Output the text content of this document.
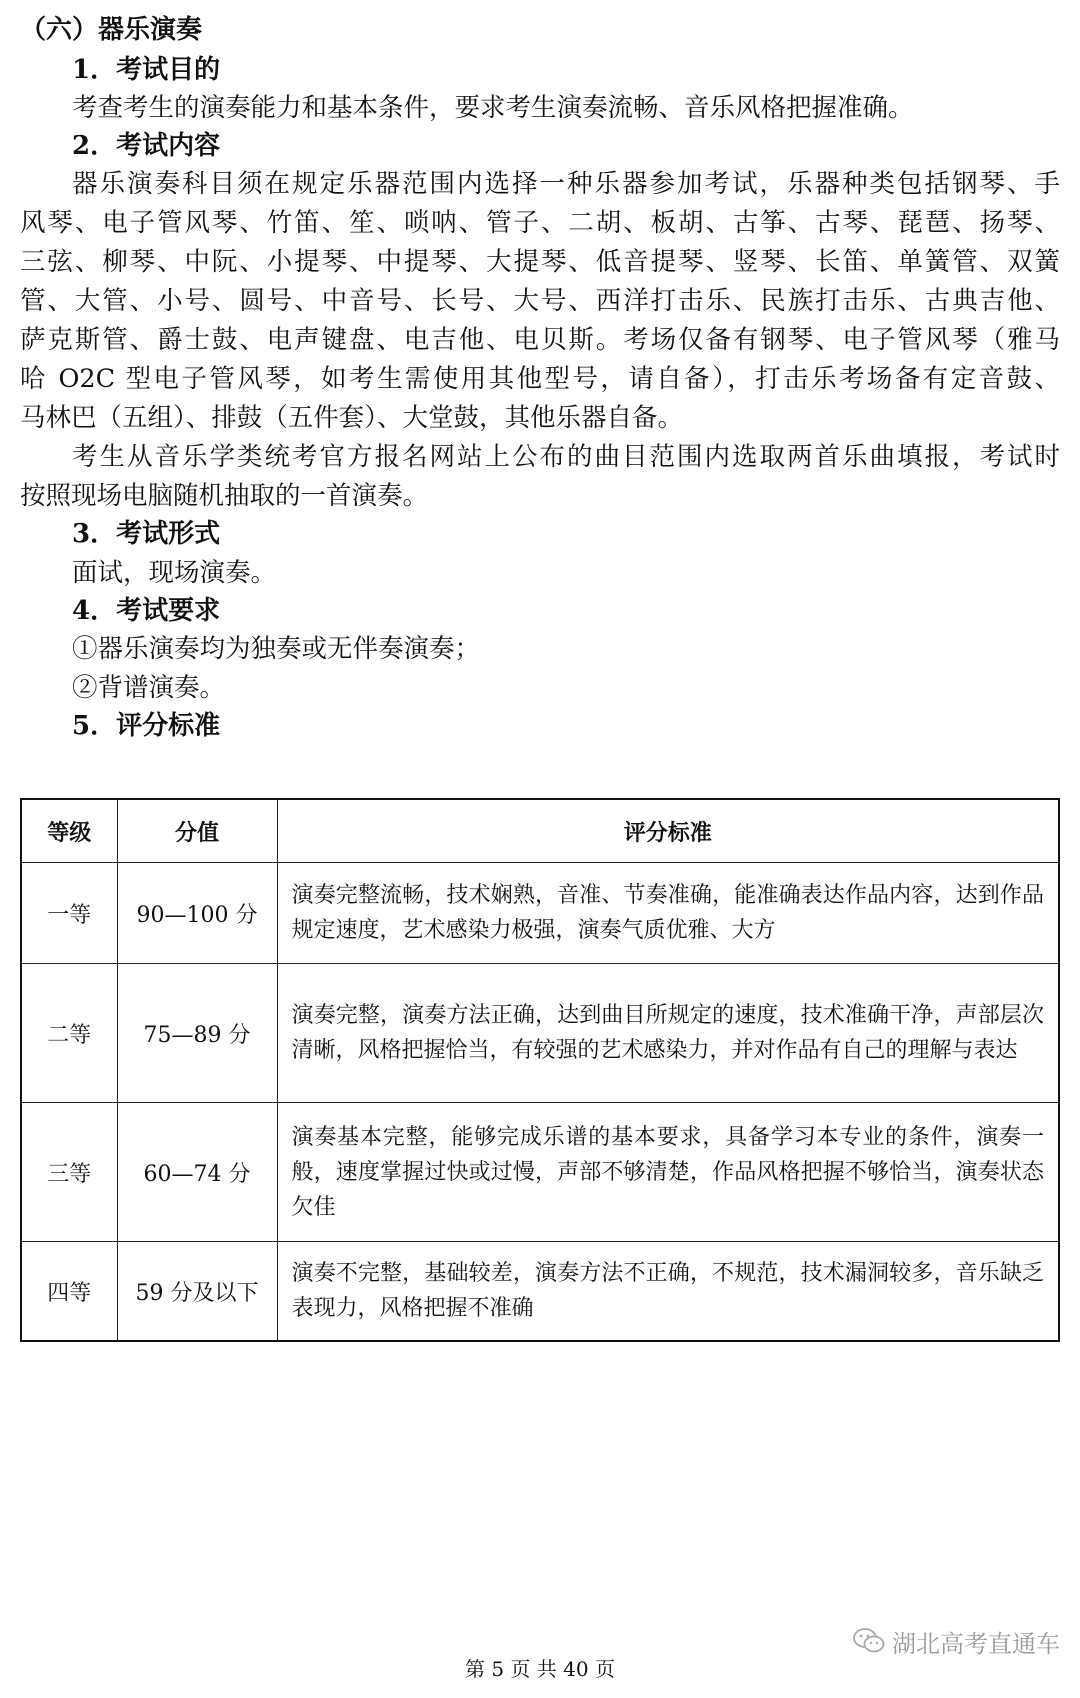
（六）器乐演奏
1．考试目的
考查考生的演奏能力和基本条件，要求考生演奏流畅、音乐风格把握准确。
2．考试内容
器乐演奏科目须在规定乐器范围内选择一种乐器参加考试，乐器种类包括钢琴、手
风琴、电子管风琴、竹笛、笙、唢呐、管子、二胡、板胡、古筝、古琴、琵琶、扬琴、
三弦、柳琴、中阮、小提琴、中提琴、大提琴、低音提琴、竖琴、长笛、单簧管、双簧
管、大管、小号、圆号、中音号、长号、大号、西洋打击乐、民族打击乐、古典吉他、
萨克斯管、爵士鼓、电声键盘、电吉他、电贝斯。考场仅备有钢琴、电子管风琴（雅马
哈 O2C 型电子管风琴，如考生需使用其他型号，请自备），打击乐考场备有定音鼓、
马林巴（五组）、排鼓（五件套）、大堂鼓，其他乐器自备。
考生从音乐学类统考官方报名网站上公布的曲目范围内选取两首乐曲填报，考试时
按照现场电脑随机抽取的一首演奏。
3．考试形式
面试，现场演奏。
4．考试要求
①器乐演奏均为独奏或无伴奏演奏；
②背谱演奏。
5．评分标准
等级	分值	评分标准
一等	90—100 分	演奏完整流畅，技术娴熟，音准、节奏准确，能准确表达作品内容，达到作品规定速度，艺术感染力极强，演奏气质优雅、大方
二等	75—89 分	演奏完整，演奏方法正确，达到曲目所规定的速度，技术准确干净，声部层次清晰，风格把握恰当，有较强的艺术感染力，并对作品有自己的理解与表达
三等	60—74 分	演奏基本完整，能够完成乐谱的基本要求，具备学习本专业的条件，演奏一般，速度掌握过快或过慢，声部不够清楚，作品风格把握不够恰当，演奏状态欠佳
四等	59 分及以下	演奏不完整，基础较差，演奏方法不正确，不规范，技术漏洞较多，音乐缺乏表现力，风格把握不准确
湖北高考直通车
第 5 页 共 40 页
